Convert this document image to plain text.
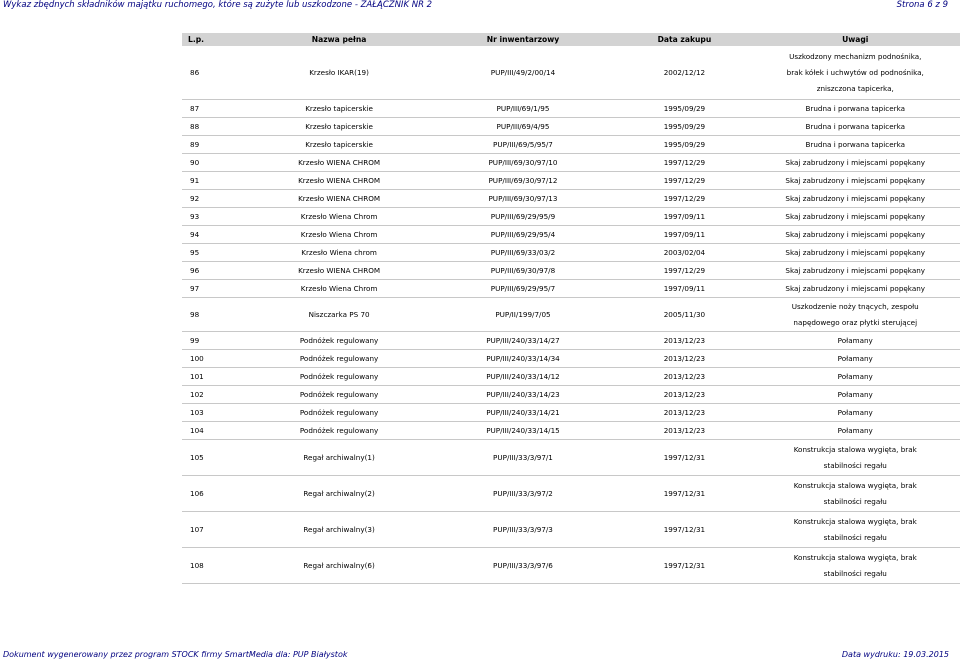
Wykaz zbędnych składników majątku ruchomego, które są zużyte lub uszkodzone - ZAŁĄCZNIK NR 2	Strona 6 z 9
L.p.	Nazwa pełna	Nr inwentarzowy	Data zakupu	Uwagi
86	Krzesło IKAR(19)	PUP/III/49/2/00/14	2002/12/12	Uszkodzony mechanizm podnośnika,
brak kółek i uchwytów od podnośnika,
zniszczona tapicerka,

87	Krzesło tapicerskie	PUP/III/69/1/95	1995/09/29	Brudna i porwana tapicerka

88	Krzesło tapicerskie	PUP/III/69/4/95	1995/09/29	Brudna i porwana tapicerka

89	Krzesło tapicerskie	PUP/III/69/5/95/7	1995/09/29	Brudna i porwana tapicerka

90	Krzesło WIENA CHROM	PUP/III/69/30/97/10	1997/12/29	Skaj zabrudzony i miejscami popękany

91	Krzesło WIENA CHROM	PUP/III/69/30/97/12	1997/12/29	Skaj zabrudzony i miejscami popękany

92	Krzesło WIENA CHROM	PUP/III/69/30/97/13	1997/12/29	Skaj zabrudzony i miejscami popękany

93	Krzesło Wiena Chrom	PUP/III/69/29/95/9	1997/09/11	Skaj zabrudzony i miejscami popękany

94	Krzesło Wiena Chrom	PUP/III/69/29/95/4	1997/09/11	Skaj zabrudzony i miejscami popękany

95	Krzesło Wiena chrom	PUP/III/69/33/03/2	2003/02/04	Skaj zabrudzony i miejscami popękany

96	Krzesło WIENA CHROM	PUP/III/69/30/97/8	1997/12/29	Skaj zabrudzony i miejscami popękany

97	Krzesło Wiena Chrom	PUP/III/69/29/95/7	1997/09/11	Skaj zabrudzony i miejscami popękany

98	Niszczarka PS 70	PUP/II/199/7/05	2005/11/30	Uszkodzenie noży tnących, zespołu
napędowego oraz płytki sterującej

99	Podnóżek regulowany	PUP/III/240/33/14/27	2013/12/23	Połamany

100	Podnóżek regulowany	PUP/III/240/33/14/34	2013/12/23	Połamany

101	Podnóżek regulowany	PUP/III/240/33/14/12	2013/12/23	Połamany

102	Podnóżek regulowany	PUP/III/240/33/14/23	2013/12/23	Połamany

103	Podnóżek regulowany	PUP/III/240/33/14/21	2013/12/23	Połamany

104	Podnóżek regulowany	PUP/III/240/33/14/15	2013/12/23	Połamany

105	Regał archiwalny(1)	PUP/III/33/3/97/1	1997/12/31	Konstrukcja stalowa wygięta, brak
stabilności regału

106	Regał archiwalny(2)	PUP/III/33/3/97/2	1997/12/31	Konstrukcja stalowa wygięta, brak
stabilności regału

107	Regał archiwalny(3)	PUP/III/33/3/97/3	1997/12/31	Konstrukcja stalowa wygięta, brak
stabilności regału

108	Regał archiwalny(6)	PUP/III/33/3/97/6	1997/12/31	Konstrukcja stalowa wygięta, brak
stabilności regału
Dokument wygenerowany przez program STOCK firmy SmartMedia dla: PUP Białystok	Data wydruku: 19.03.2015
